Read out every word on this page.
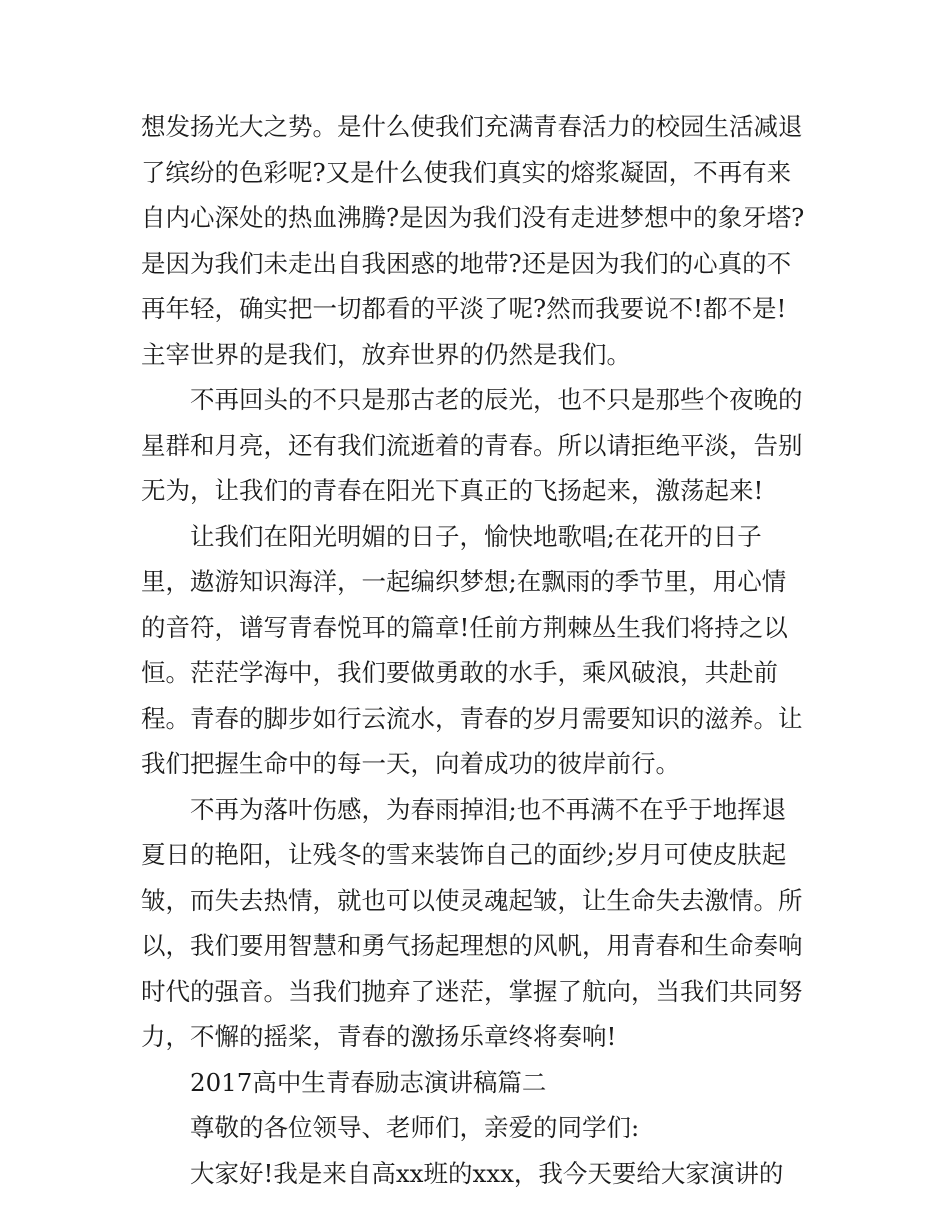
想发扬光大之势。是什么使我们充满青春活力的校园生活减退
了缤纷的色彩呢?又是什么使我们真实的熔浆凝固，不再有来
自内心深处的热血沸腾?是因为我们没有走进梦想中的象牙塔?
是因为我们未走出自我困惑的地带?还是因为我们的心真的不
再年轻，确实把一切都看的平淡了呢?然而我要说不!都不是!
主宰世界的是我们，放弃世界的仍然是我们。
不再回头的不只是那古老的辰光，也不只是那些个夜晚的
星群和月亮，还有我们流逝着的青春。所以请拒绝平淡，告别
无为，让我们的青春在阳光下真正的飞扬起来，激荡起来!
让我们在阳光明媚的日子，愉快地歌唱;在花开的日子
里，遨游知识海洋，一起编织梦想;在飘雨的季节里，用心情
的音符，谱写青春悦耳的篇章!任前方荆棘丛生我们将持之以
恒。茫茫学海中，我们要做勇敢的水手，乘风破浪，共赴前
程。青春的脚步如行云流水，青春的岁月需要知识的滋养。让
我们把握生命中的每一天，向着成功的彼岸前行。
不再为落叶伤感，为春雨掉泪;也不再满不在乎于地挥退
夏日的艳阳，让残冬的雪来装饰自己的面纱;岁月可使皮肤起
皱，而失去热情，就也可以使灵魂起皱，让生命失去激情。所
以，我们要用智慧和勇气扬起理想的风帆，用青春和生命奏响
时代的强音。当我们抛弃了迷茫，掌握了航向，当我们共同努
力，不懈的摇桨，青春的激扬乐章终将奏响!
2017高中生青春励志演讲稿篇二
尊敬的各位领导、老师们，亲爱的同学们:
大家好!我是来自高xx班的xxx，我今天要给大家演讲的
